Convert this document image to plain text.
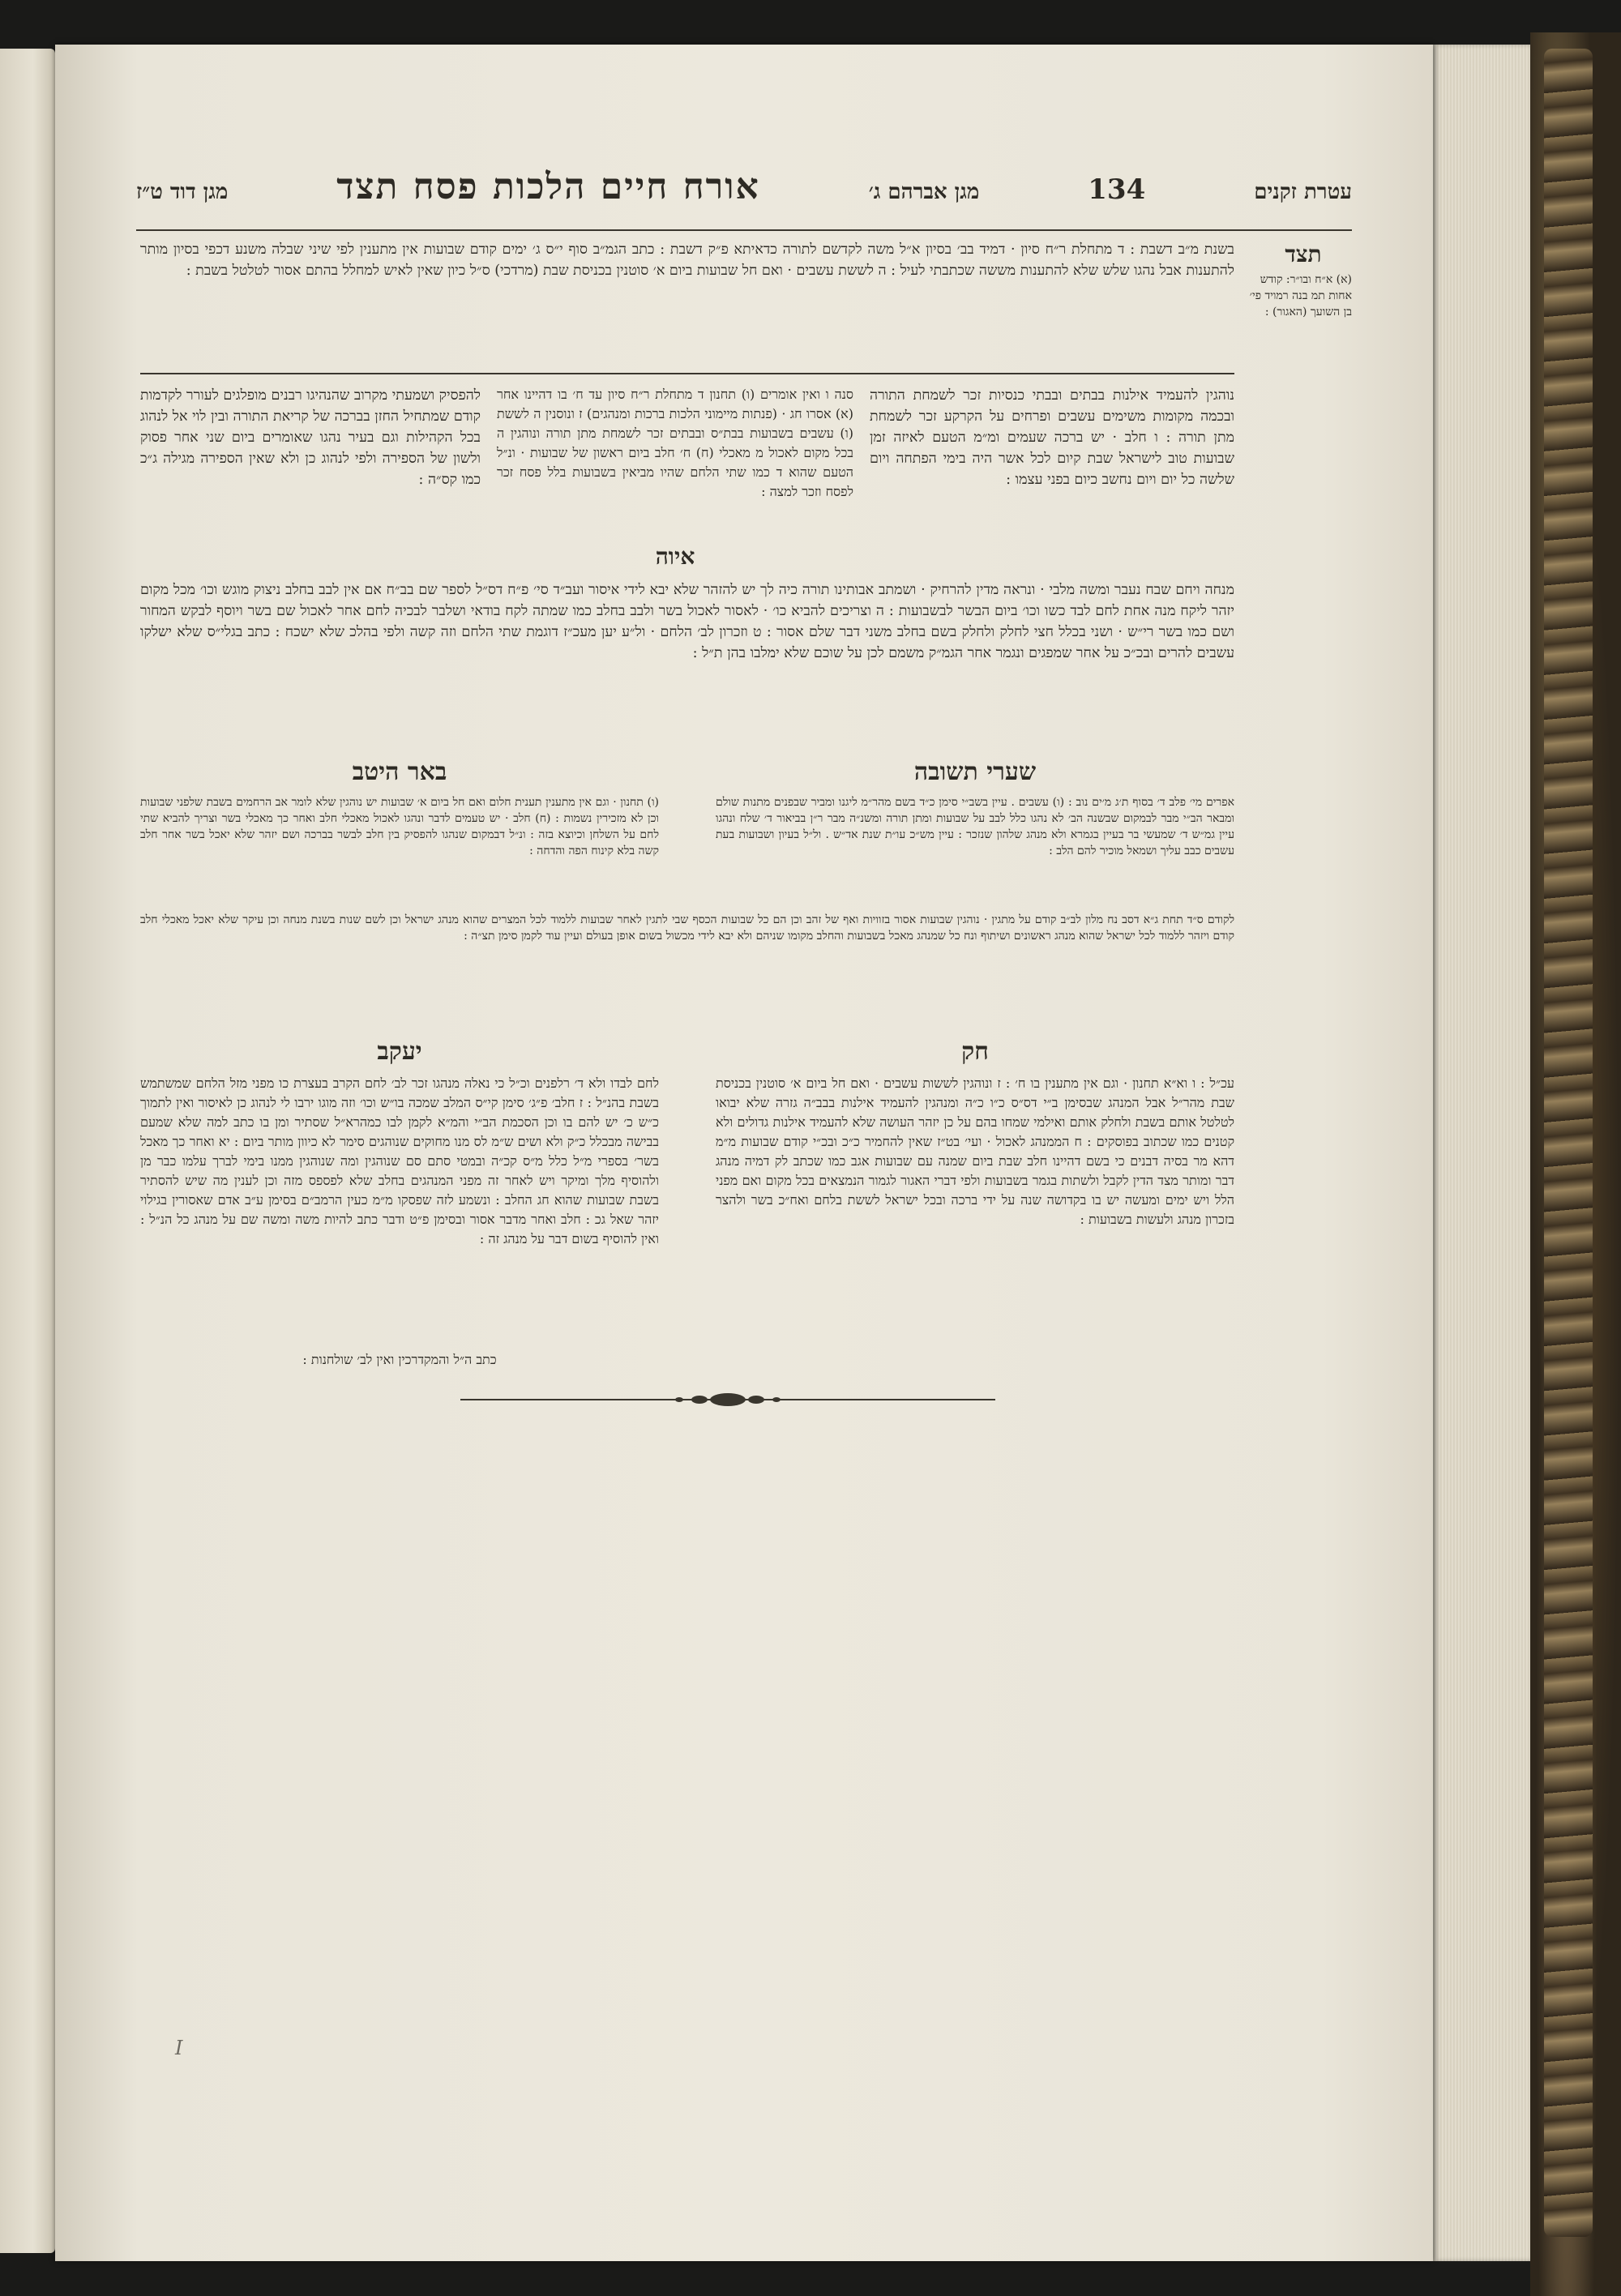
עטרת זקנים
134
מגן אברהם ג׳
אורח חיים הלכות פסח תצד
מגן דוד ט״ז
תצד
(א) א״ח ובו״ר: קודש אחות תמ בנה רמויד פי׳ בן השועך (האגור) :
בשנת מ״ב דשבת : ד מתחלת ר״ח סיון · דמיד בב׳ בסיון א״ל משה לקדשם לתורה כדאיתא פ״ק דשבת : כתב הגמ״ב סוף י״ס ג׳ ימים קודם שבועות אין מתענין לפי שיני שבלה משנע דכפי בסיון מותר להתענות אבל נהגו שלש שלא להתענות מששה שכתבתי לעיל : ה לששת עשבים · ואם חל שבועות ביום א׳ סוטנין בכניסת שבת (מרדכי) ס״ל כיון שאין לאיש למחלל בהתם אסור לטלטל בשבת :
נוהגין להעמיד אילנות בבתים ובבתי כנסיות זכר לשמחת התורה ובכמה מקומות משימים עשבים ופרחים על הקרקע זכר לשמחת מתן תורה : ו חלב · יש ברכה שעמים ומ״מ הטעם לאיזה זמן שבועות טוב לישראל שבת קיום לכל אשר היה בימי הפתחה ויום שלשה כל יום ויום נחשב כיום בפני עצמו :
סנה ו ואין אומרים (ו) תחנון ד מתחלת ר״ח סיון עד ח׳ בו דהיינו אחר (א) אסרו חג · (פנתות מיימוני הלכות ברכות ומנהגים) ז ונוסנין ה לששת (ו) עשבים בשבועות בבת״ס ובבתים זכר לשמחת מתן תורה ונוהגין ה בכל מקום לאכול מ מאכלי (ח) ח׳ חלב ביום ראשון של שבועות · ונ״ל הטעם שהוא ד כמו שתי הלחם שהיו מביאין בשבועות בלל פסח זכר לפסח וזכר למצה :
להפסיק ושמעתי מקרוב שהנהיגו רבנים מופלגים לעורר לקדמות קודם שמתחיל החזן בברכה של קריאת התורה ובין לוי אל לנהוג בכל הקהילות וגם בעיר נהגו שאומרים ביום שני אחר פסוק ולשון של הספירה ולפי לנהוג כן ולא שאין הספירה מגילה ג״כ כמו קס״ה :
איוה
מנחה ויחם שבח נעבר ומשה מלבי · ונראה מדין להרחיק · ושמתב אבותינו תורה כיה לך יש להזהר שלא יבא לידי איסור ועב״ד סי׳ פ״ח דס״ל לספר שם בב״ח אם אין לבב בחלב ניצוק מוגש וכו׳ מכל מקום יזהר ליקח מנה אחת לחם לבד כשו וכו׳ ביום הבשר לבשבועות : ה וצריכים להביא כו׳ · לאסור לאכול בשר ולבב בחלב כמו שמתה לקח בודאי ושלבר לבכיה לחם אחר לאכול שם בשר ויוסף לבקש המחור ושם כמו בשר רי״ש · ושני בכלל חצי לחלק ולחלק בשם בחלב משני דבר שלם אסור : ט וזכרון לב׳ הלחם · ול״ע יען מעכ״ז דוגמת שתי הלחם וזה קשה ולפי בהלכ שלא ישכח : כתב בגלי״ס שלא ישלקו עשבים להרים ובכ״כ על אחר שמפגים ונגמר אחר הגמ״ק משמם לכן על שוכם שלא ימלבו בהן ת״ל :
שערי תשובה
באר היטב
אפרים מי׳ פלב ד׳ בסוף ת׳ג מ׳ים נוב : (ו) עשבים . עיין בשב״י סימן כ״ד בשם מהר״מ ליגנו ומביר שבפנים מתנות שולם ומבאר הב״י מבר לבמקום שבשנה הב׳ לא נהגו כלל לבב על שבועות ומתן תורה ומשנ״ה מבר ר״ן בביאור ד׳ שלח ונהגו עיין גמ״ש ד׳ שמעשי בר בעיין בגמרא ולא מנהג שלהון שנזכר : עיין מש״כ עו״ת שנת אד״ש . ול״ל בעיון ושבועות בעת עשבים כבב עליך ושמאל מוכיר להם הלב :
(ו) תחנון · וגם אין מתענין תענית חלום ואם חל ביום א׳ שבועות יש נוהגין שלא לומר אב הרחמים בשבת שלפני שבועות וכן לא מזכירין נשמות : (ח) חלב · יש טעמים לדבר ונהגו לאכול מאכלי חלב ואחר כך מאכלי בשר וצריך להביא שתי לחם על השלחן וכיוצא בזה : ונ״ל דבמקום שנהגו להפסיק בין חלב לבשר בברכה ושם יזהר שלא יאכל בשר אחר חלב קשה בלא קינוח הפה והדחה :
לקודם ס״ד תחת ג״א דסב נח מלון לב״ב קודם על מתגין · נוהגין שבועות אסור בזוויות ואף של זהב וכן הם כל שבועות הכסף שבי לתגין לאחר שבועות ללמוד לכל המצרים שהוא מנהג ישראל וכן לשם שנות בשנת מנחה וכן עיקר שלא יאכל מאכלי חלב קודם ויזהר ללמוד לכל ישראל שהוא מנהג ראשונים ושיתוף ונח כל שמנהג מאכל בשבועות והחלב מקומו שניהם ולא יבא לידי מכשול בשום אופן בעולם ועיין עוד לקמן סימן תצ״ה :
חק
יעקב
עכ״ל : ו וא״א תחנון · וגם אין מתענין בו ח׳ : ז ונוהגין לששות עשבים · ואם חל ביום א׳ סוטנין בכניסת שבת מהר״ל אבל המנהג שבסימן ב״י דס״ס כ״ו כ״ה ומנהגין להעמיד אילנות בבב״ה גזרה שלא יבואו לטלטל אותם בשבת ולחלק אותם ואילמי שמחו בהם על כן יזהר העושה שלא להעמיד אילנות גדולים ולא קטנים כמו שכתוב בפוסקים : ח הממנהג לאכול · ועי׳ בט״ז שאין להחמיר כ״כ ובכ״י קודם שבועות מ״מ דהא מר בסיה דבנים כי בשם דהיינו חלב שבת ביום שמנה עם שבועות אגב כמו שכתב לק דמיה מנהג דבר ומותר מצד הדין לקבל ולשתות בגמר בשבועות ולפי דברי האגור לגמור הנמצאים בכל מקום ואם מפני הלל ויש ימים ומעשה יש בו בקדושה שנה על ידי ברכה ובכל ישראל לששת בלחם ואח״כ בשר ולהצר בזכרון מנהג ולעשות בשבועות :
לחם לבדו ולא ד׳ רלפנים וכ״ל כי נאלה מנהגו זכר לב׳ לחם הקרב בעצרת כו מפני מזל הלחם שמשתמש בשבת בהנ״ל : ז חלב׳ פ״ג׳ סימן קי״ס המלב שמכה בו״ש וכו׳ וזה מוגו ירבו לי לנהוג כן לאיסור ואין לתמוך כ״ש כ׳ יש להם בו וכן הסכמת הב״י והמ״א לקמן לבו כמהרא״ל שסתיר ומן בו כתב למה שלא שמעם בבישה מבכלל כ״ק ולא ושים ש״מ לס מנו מחוקים שנוהגים סימר לא כיוון מותר ביום : יא ואחר כך מאכל בשר׳ בספרי מ״ל כלל מ״ס קכ״ה ובמטי סתם סם שנוהגין ומה שנוהגין ממנו בימי לברך עלמו כבר מן ולהוסיף מלך ומיקר ויש לאחר זה מפני המנהגים בחלב שלא לפספס מזה וכן לענין מה שיש להסתיר בשבת שבועות שהוא חג החלב : ונשמע לזה שפסקו מ״מ כעין הרמב״ם בסימן ע״ב אדם שאסורין בגילוי יזהר שאל גכ : חלב ואחר מדבר אסור ובסימן פ״ט ודבר כתב להיות משה ומשה שם על מנהג כל הנ״ל : ואין להוסיף בשום דבר על מנהג זה :
כתב ה״ל והמקדרכין ואין לב׳ שולחנות :
I
